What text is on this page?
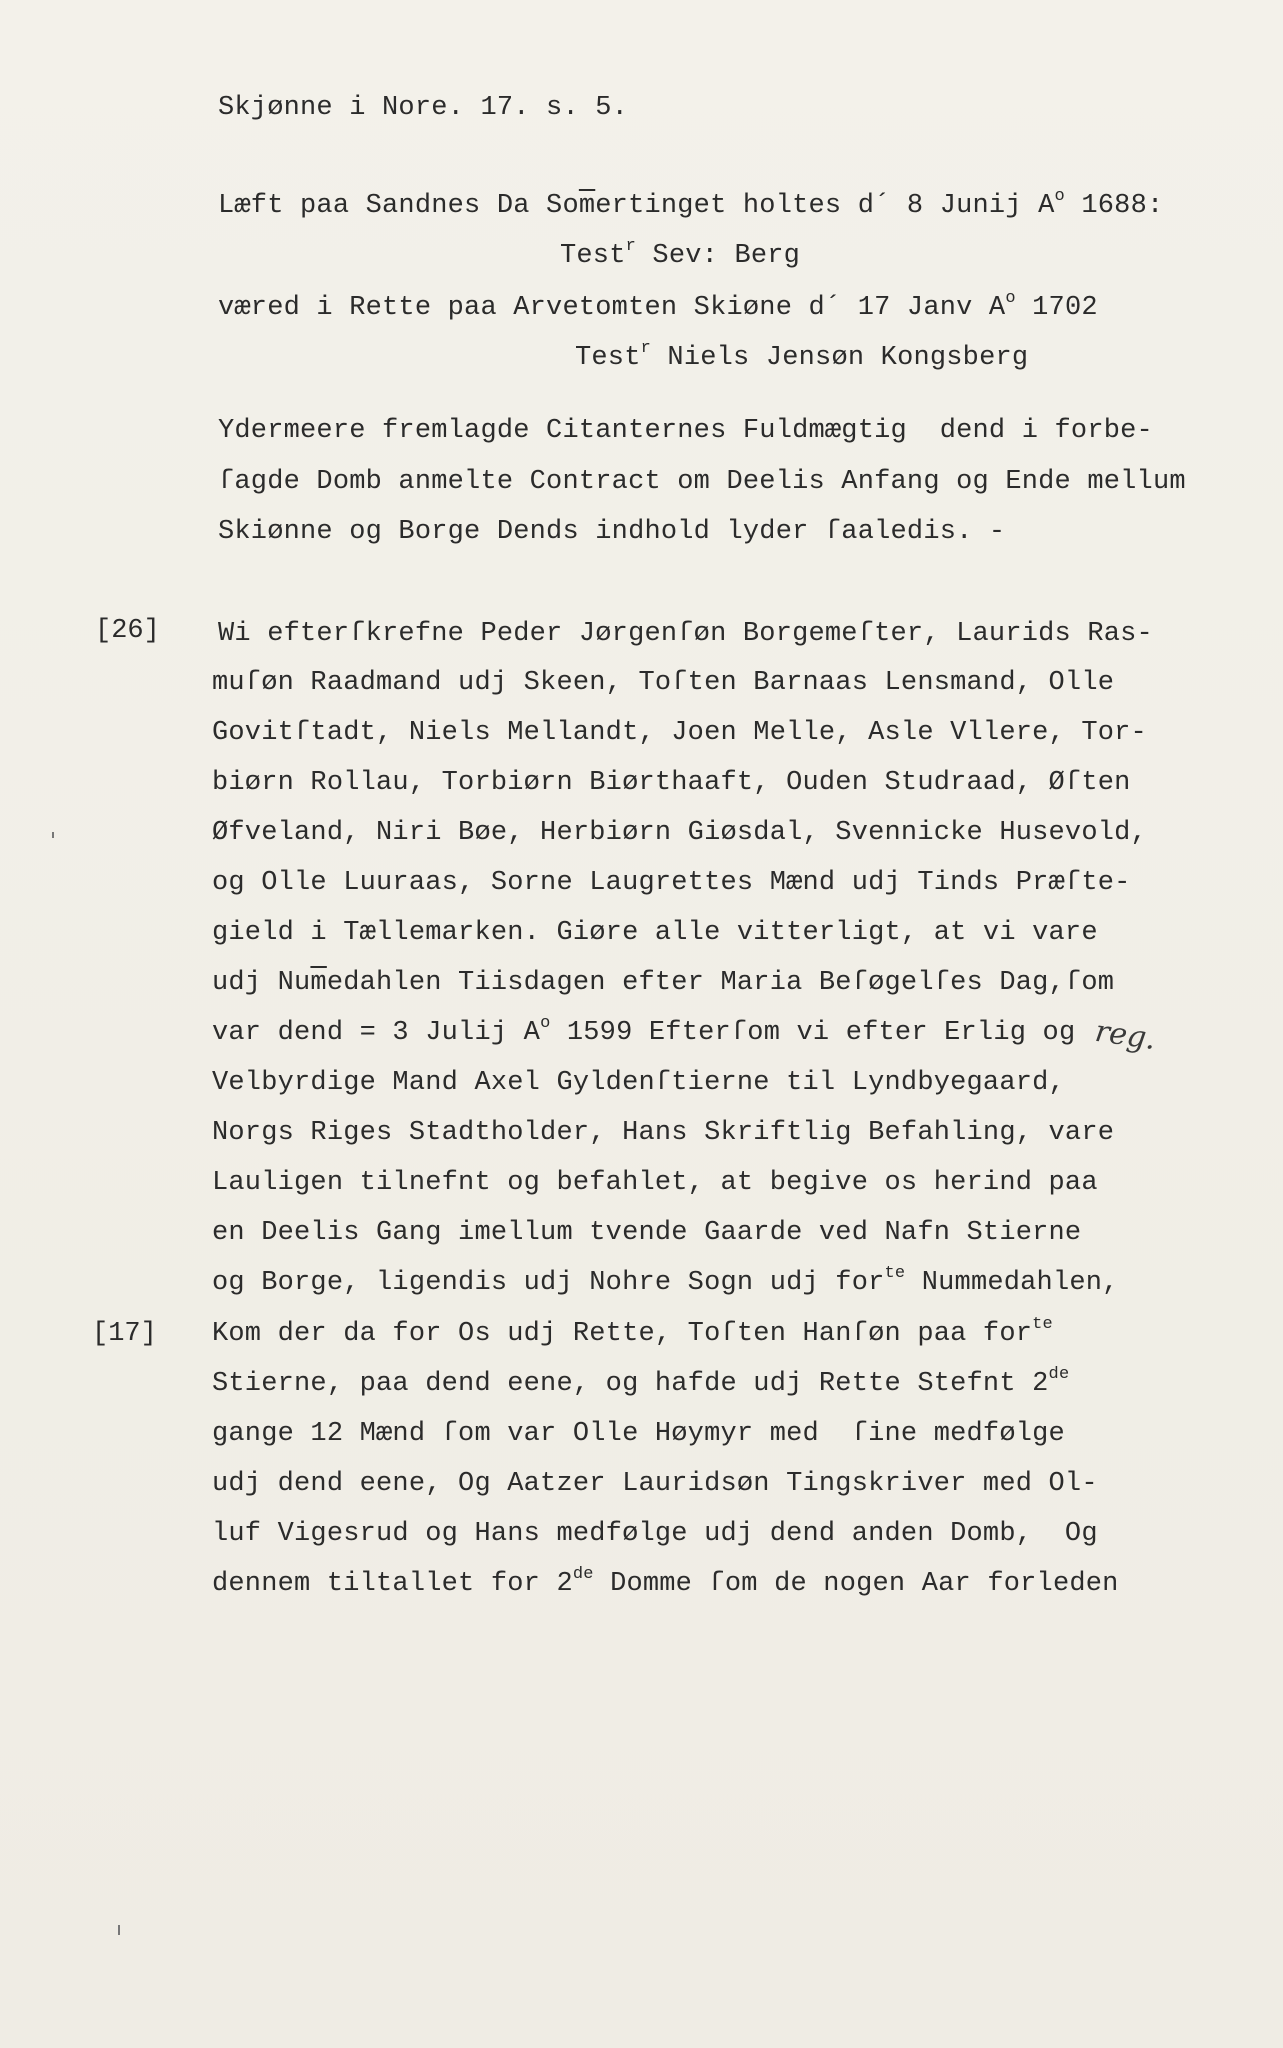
Skjønne i Nore. 17. s. 5.
Læft paa Sandnes Da $So\overline{m}ertinget$ holtes d´ 8 Junij $A^o$ 1688:
Test$^r$ Sev: Berg
væred i Rette paa Arvetomten Skiøne d´ 17 Janv $A^o$ 1702
Test$^r$ Niels Jensøn Kongsberg
Ydermeere fremlagde Citanternes Fuldmægtig  dend i forbe-
ſagde Domb anmelte Contract om Deelis Anfang og Ende mellum
Skiønne og Borge Dends indhold lyder ſaaledis. -
[26]
[17]
Wi efterſkrefne Peder Jørgenſøn Borgemeſter, Laurids Ras-
muſøn Raadmand udj Skeen, Toſten Barnaas Lensmand, Olle
Govitſtadt, Niels Mellandt, Joen Melle, Asle Vllere, Tor-
biørn Rollau, Torbiørn Biørthaaft, Ouden Studraad, Øſten
Øfveland, Niri Bøe, Herbiørn Giøsdal, Svennicke Husevold,
og Olle Luuraas, Sorne Laugrettes Mænd udj Tinds Præſte-
gield i Tællemarken. Giøre alle vitterligt, at vi vare
udj $Nu\overline{m}edahlen$ Tiisdagen efter Maria Beſøgelſes Dag,ſom
var dend = 3 Julij $A^o$ 1599 Efterſom vi efter Erlig og
Velbyrdige Mand Axel Gyldenſtierne til Lyndbyegaard,
Norgs Riges Stadtholder, Hans Skriftlig Befahling, vare
Lauligen tilnefnt og befahlet, at begive os herind paa
en Deelis Gang imellum tvende Gaarde ved Nafn Stierne
og Borge, ligendis udj Nohre Sogn udj for$^{te}$ Nummedahlen,
Kom der da for Os udj Rette, Toſten Hanſøn paa for$^{te}$
Stierne, paa dend eene, og hafde udj Rette Stefnt 2de
gange 12 Mænd ſom var Olle Høymyr med  ſine medfølge
udj dend eene, Og Aatzer Lauridsøn Tingskriver med Ol-
luf Vigesrud og Hans medfølge udj dend anden Domb,  Og
dennem tiltallet for 2de Domme ſom de nogen Aar forleden
reg.
